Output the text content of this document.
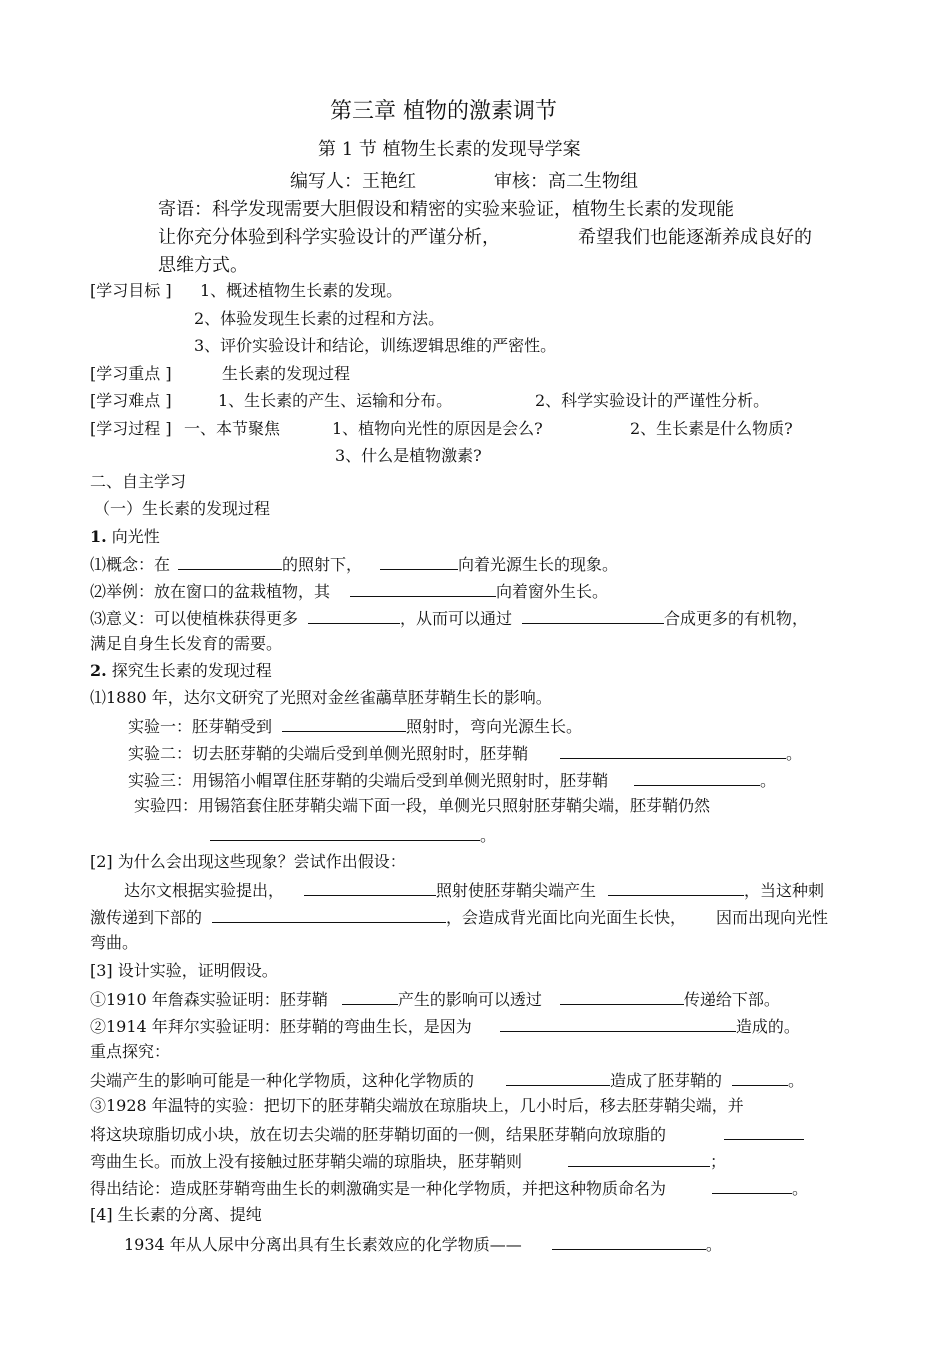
第三章 植物的激素调节
第 1 节 植物生长素的发现导学案
编写人：王艳红	审核：高二生物组
寄语：科学发现需要大胆假设和精密的实验来验证，植物生长素的发现能
让你充分体验到科学实验设计的严谨分析，	希望我们也能逐渐养成良好的
思维方式。
[学习目标 ] 1、概述植物生长素的发现。
2、体验发现生长素的过程和方法。
3、评价实验设计和结论，训练逻辑思维的严密性。
[学习重点 ]	生长素的发现过程
[学习难点 ]	1、生长素的产生、运输和分布。	2、科学实验设计的严谨性分析。
[学习过程 ] 一、本节聚焦	1、植物向光性的原因是会么?	2、生长素是什么物质?
3、什么是植物激素?
二、自主学习
（一）生长素的发现过程
1. 向光性
⑴概念：在	的照射下，	向着光源生长的现象。
⑵举例：放在窗口的盆栽植物，其	向着窗外生长。
⑶意义：可以使植株获得更多	，从而可以通过	合成更多的有机物，
满足自身生长发育的需要。
2. 探究生长素的发现过程
⑴1880 年，达尔文研究了光照对金丝雀虉草胚芽鞘生长的影响。
实验一：胚芽鞘受到	照射时，弯向光源生长。
实验二：切去胚芽鞘的尖端后受到单侧光照射时，胚芽鞘	。
实验三：用锡箔小帽罩住胚芽鞘的尖端后受到单侧光照射时，胚芽鞘	。
实验四：用锡箔套住胚芽鞘尖端下面一段，单侧光只照射胚芽鞘尖端，胚芽鞘仍然
。
[2] 为什么会出现这些现象？尝试作出假设：
达尔文根据实验提出，	照射使胚芽鞘尖端产生	，当这种刺
激传递到下部的	，会造成背光面比向光面生长快， 因而出现向光性
弯曲。
[3] 设计实验，证明假设。
①1910 年詹森实验证明：胚芽鞘	产生的影响可以透过	传递给下部。
②1914 年拜尔实验证明：胚芽鞘的弯曲生长，是因为	造成的。
重点探究：
尖端产生的影响可能是一种化学物质，这种化学物质的	造成了胚芽鞘的	。
③1928 年温特的实验：把切下的胚芽鞘尖端放在琼脂块上，几小时后，移去胚芽鞘尖端，并
将这块琼脂切成小块，放在切去尖端的胚芽鞘切面的一侧，结果胚芽鞘向放琼脂的
弯曲生长。而放上没有接触过胚芽鞘尖端的琼脂块，胚芽鞘则	；
得出结论：造成胚芽鞘弯曲生长的刺激确实是一种化学物质，并把这种物质命名为	。
[4] 生长素的分离、提纯
1934 年从人尿中分离出具有生长素效应的化学物质——	。
